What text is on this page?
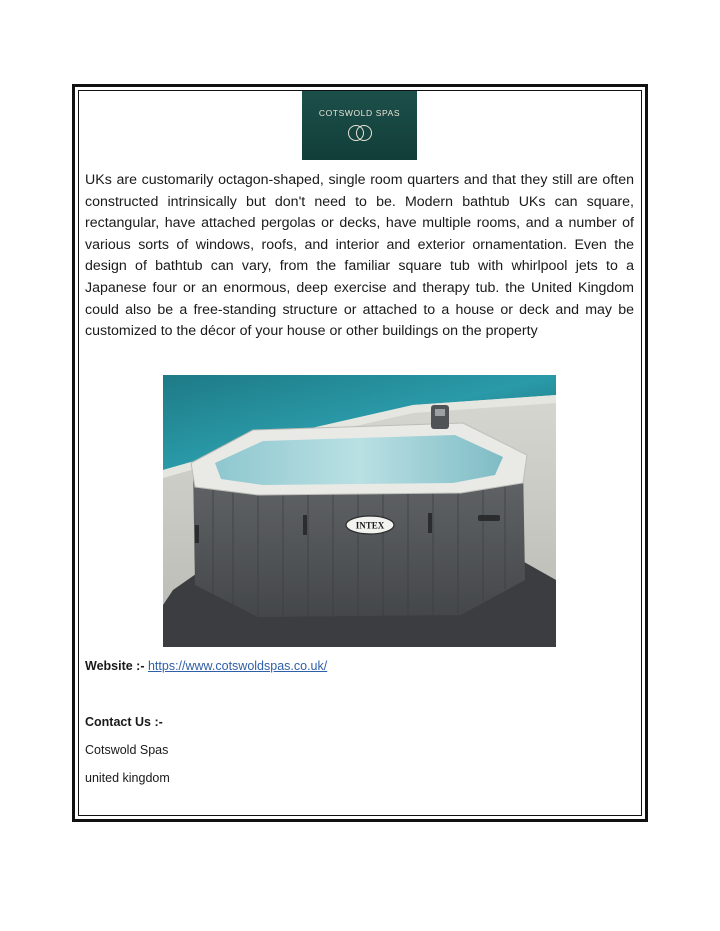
COTSWOLD SPAS

UKs are customarily octagon-shaped, single room quarters and that they still are often constructed intrinsically but don't need to be. Modern bathtub UKs can square, rectangular, have attached pergolas or decks, have multiple rooms, and a number of various sorts of windows, roofs, and interior and exterior ornamentation. Even the design of bathtub can vary, from the familiar square tub with whirlpool jets to a Japanese four or an enormous, deep exercise and therapy tub. the United Kingdom could also be a free-standing structure or attached to a house or deck and may be customized to the décor of your house or other buildings on the property

INTEX
Website :- https://www.cotswoldspas.co.uk/
Contact Us :-
Cotswold Spas
united kingdom
